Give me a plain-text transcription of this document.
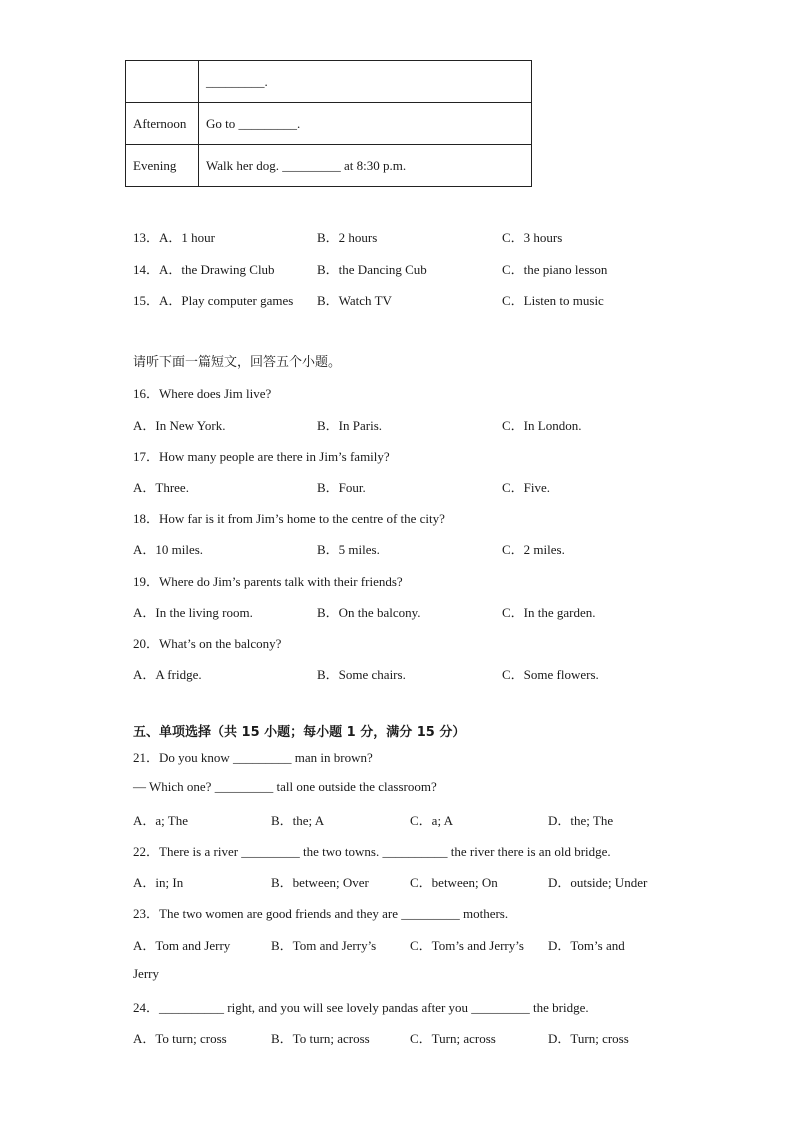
	_________.
Afternoon	Go to _________.
Evening	Walk her dog. _________ at 8:30 p.m.
13．A．1 hour	B．2 hours	C．3 hours
14．A．the Drawing Club	B．the Dancing Cub	C．the piano lesson
15．A．Play computer games B．Watch TV	C．Listen to music
请听下面一篇短文，回答五个小题。
16．Where does Jim live?
A．In New York.	B．In Paris.	C．In London.
17．How many people are there in Jim’s family?
A．Three.	B．Four.	C．Five.
18．How far is it from Jim’s home to the centre of the city?
A．10 miles.	B．5 miles.	C．2 miles.
19．Where do Jim’s parents talk with their friends?
A．In the living room.	B．On the balcony.	C．In the garden.
20．What’s on the balcony?
A．A fridge.	B．Some chairs.	C．Some flowers.
五、单项选择（共 15 小题；每小题 1 分，满分 15 分）
21．Do you know _________ man in brown?
— Which one? _________ tall one outside the classroom?
A．a; The	B．the; A	C．a; A	D．the; The
22．There is a river _________ the two towns. __________ the river there is an old bridge.
A．in; In	B．between; Over	C．between; On	D．outside; Under
23．The two women are good friends and they are _________ mothers.
A．Tom and Jerry	B．Tom and Jerry’s	C．Tom’s and Jerry’s D．Tom’s and
Jerry
24．__________ right, and you will see lovely pandas after you _________ the bridge.
A．To turn; cross	B．To turn; across	C．Turn; across	D．Turn; cross
